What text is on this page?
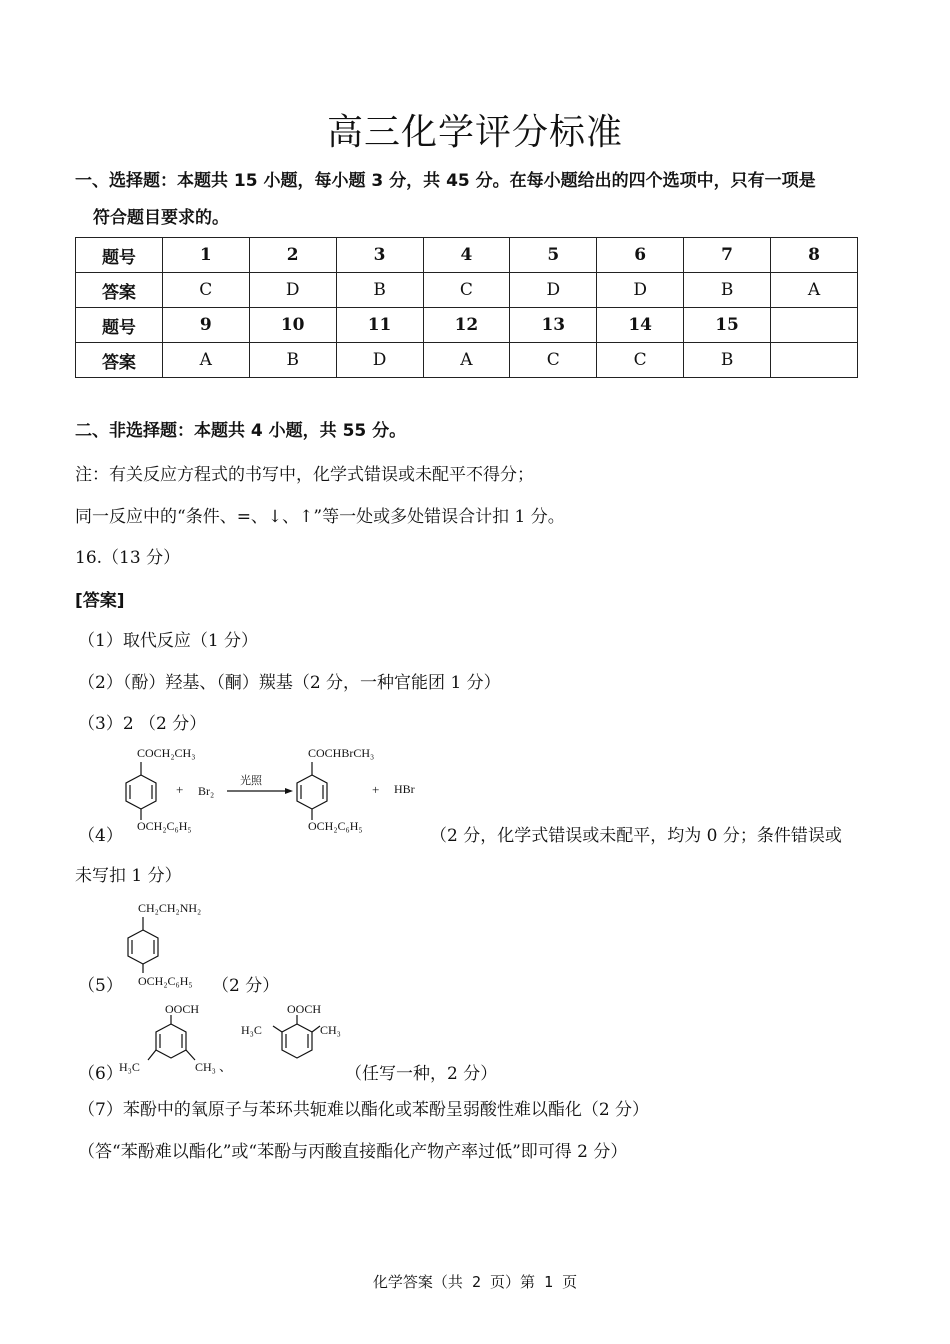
高三化学评分标准
一、选择题：本题共 15 小题，每小题 3 分，共 45 分。在每小题给出的四个选项中，只有一项是
符合题目要求的。
题号	1	2	3	4	5	6	7	8
答案	C	D	B	C	D	D	B	A
题号	9	10	11	12	13	14	15	
答案	A	B	D	A	C	C	B	
二、非选择题：本题共 4 小题，共 55 分。
注：有关反应方程式的书写中，化学式错误或未配平不得分；
同一反应中的“条件、=、↓、↑”等一处或多处错误合计扣 1 分。
16.（13 分）
[答案]
（1）取代反应（1 分）
（2）（酚）羟基、（酮）羰基（2 分，一种官能团 1 分）
（3）2 （2 分）
（4）
COCH₂CH₃
OCH₂C₆H₅
+ Br₂
光照
COCHBrCH₃
OCH₂C₆H₅
+ HBr
（2 分，化学式错误或未配平，均为 0 分；条件错误或
未写扣 1 分）
（5）
CH₂CH₂NH₂
OCH₂C₆H₅ （2 分）
（6）
OOCH
H₃C	CH₃ 、
OOCH
H₃C	CH₃
（任写一种，2 分）
（7）苯酚中的氧原子与苯环共轭难以酯化或苯酚呈弱酸性难以酯化（2 分）
（答“苯酚难以酯化”或“苯酚与丙酸直接酯化产物产率过低”即可得 2 分）
化学答案（共 2 页）第 1 页
